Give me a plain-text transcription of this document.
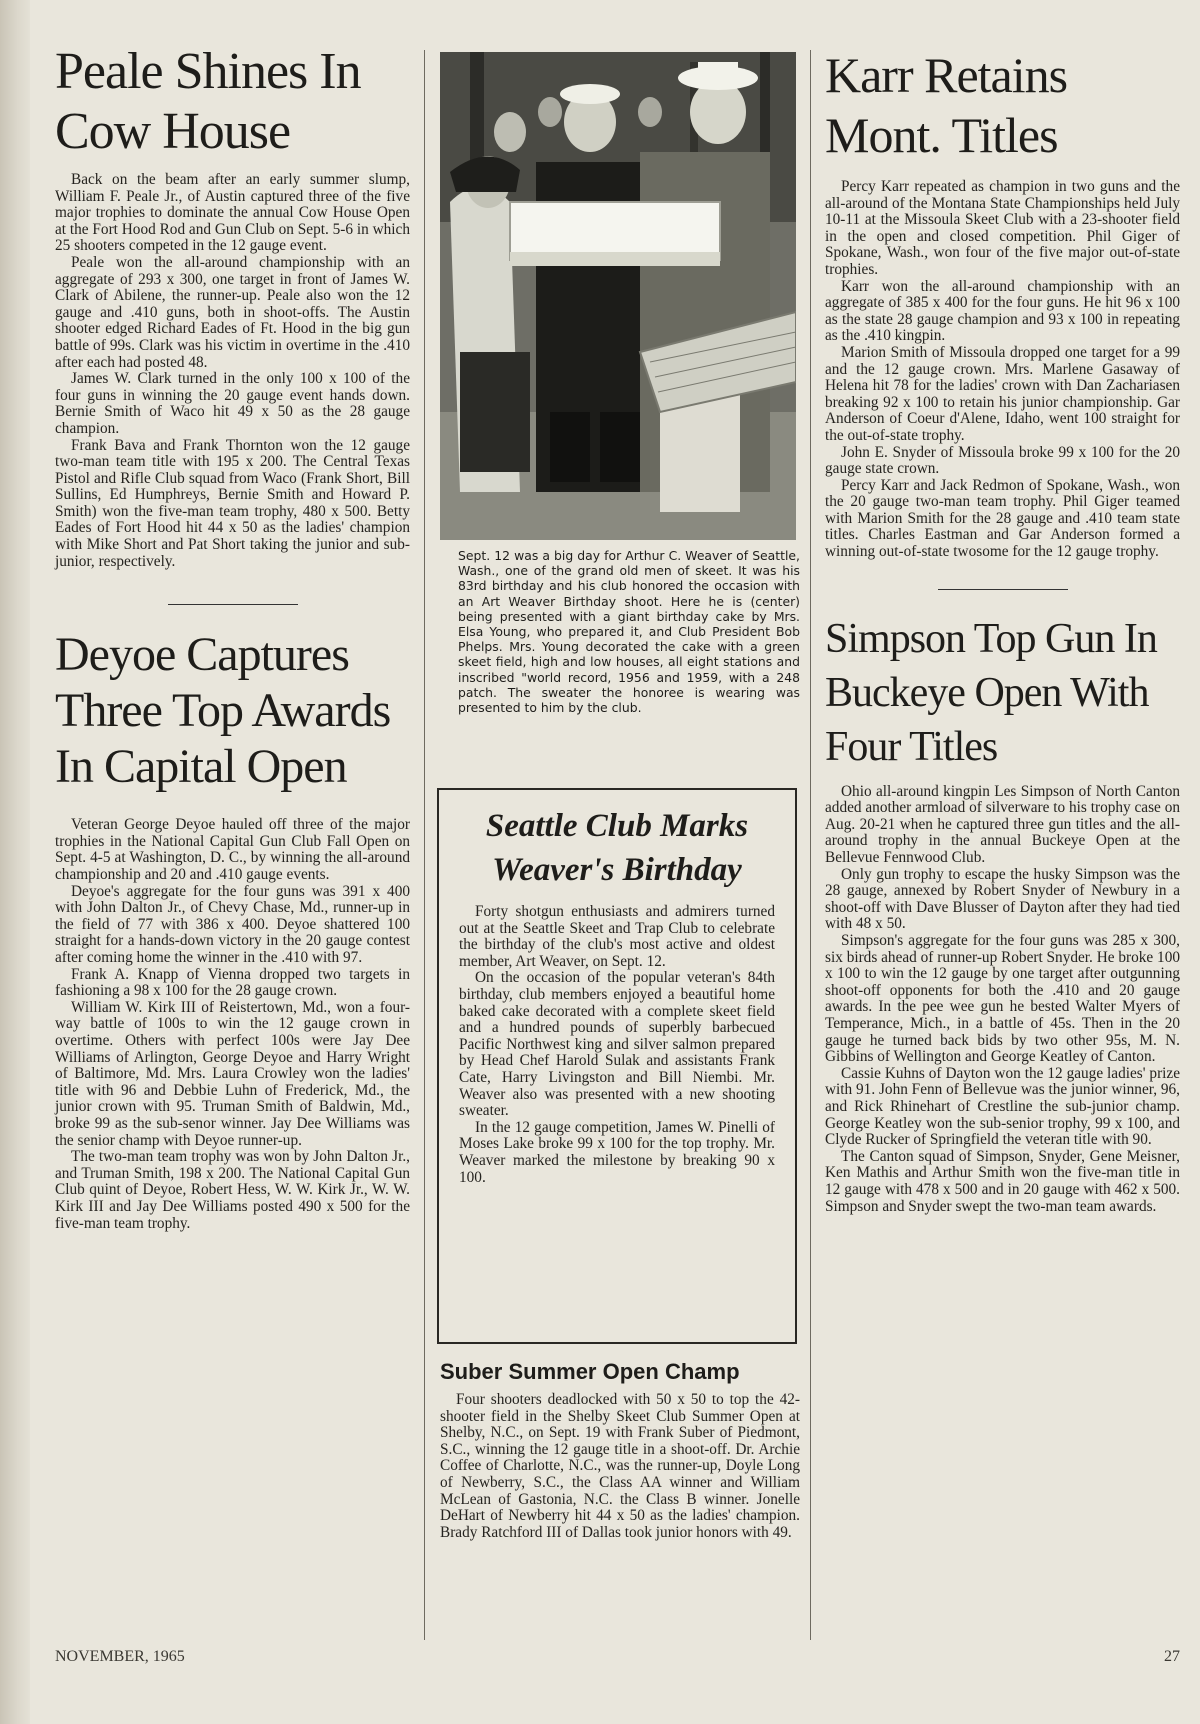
Peale Shines In Cow House

Back on the beam after an early summer slump, William F. Peale Jr., of Austin captured three of the five major trophies to dominate the annual Cow House Open at the Fort Hood Rod and Gun Club on Sept. 5-6 in which 25 shooters competed in the 12 gauge event.

Peale won the all-around championship with an aggregate of 293 x 300, one target in front of James W. Clark of Abilene, the runner-up. Peale also won the 12 gauge and .410 guns, both in shoot-offs. The Austin shooter edged Richard Eades of Ft. Hood in the big gun battle of 99s. Clark was his victim in overtime in the .410 after each had posted 48.

James W. Clark turned in the only 100 x 100 of the four guns in winning the 20 gauge event hands down. Bernie Smith of Waco hit 49 x 50 as the 28 gauge champion.

Frank Bava and Frank Thornton won the 12 gauge two-man team title with 195 x 200. The Central Texas Pistol and Rifle Club squad from Waco (Frank Short, Bill Sullins, Ed Humphreys, Bernie Smith and Howard P. Smith) won the five-man team trophy, 480 x 500. Betty Eades of Fort Hood hit 44 x 50 as the ladies' champion with Mike Short and Pat Short taking the junior and sub-junior, respectively.

Deyoe Captures Three Top Awards In Capital Open

Veteran George Deyoe hauled off three of the major trophies in the National Capital Gun Club Fall Open on Sept. 4-5 at Washington, D. C., by winning the all-around championship and 20 and .410 gauge events.

Deyoe's aggregate for the four guns was 391 x 400 with John Dalton Jr., of Chevy Chase, Md., runner-up in the field of 77 with 386 x 400. Deyoe shattered 100 straight for a hands-down victory in the 20 gauge contest after coming home the winner in the .410 with 97.

Frank A. Knapp of Vienna dropped two targets in fashioning a 98 x 100 for the 28 gauge crown.

William W. Kirk III of Reistertown, Md., won a four-way battle of 100s to win the 12 gauge crown in overtime. Others with perfect 100s were Jay Dee Williams of Arlington, George Deyoe and Harry Wright of Baltimore, Md. Mrs. Laura Crowley won the ladies' title with 96 and Debbie Luhn of Frederick, Md., the junior crown with 95. Truman Smith of Baldwin, Md., broke 99 as the sub-senor winner. Jay Dee Williams was the senior champ with Deyoe runner-up.

The two-man team trophy was won by John Dalton Jr., and Truman Smith, 198 x 200. The National Capital Gun Club quint of Deyoe, Robert Hess, W. W. Kirk Jr., W. W. Kirk III and Jay Dee Williams posted 490 x 500 for the five-man team trophy.

Sept. 12 was a big day for Arthur C. Weaver of Seattle, Wash., one of the grand old men of skeet. It was his 83rd birthday and his club honored the occasion with an Art Weaver Birthday shoot. Here he is (center) being presented with a giant birthday cake by Mrs. Elsa Young, who prepared it, and Club President Bob Phelps. Mrs. Young decorated the cake with a green skeet field, high and low houses, all eight stations and inscribed "world record, 1956 and 1959, with a 248 patch. The sweater the honoree is wearing was presented to him by the club.
Seattle Club Marks Weaver's Birthday

Forty shotgun enthusiasts and admirers turned out at the Seattle Skeet and Trap Club to celebrate the birthday of the club's most active and oldest member, Art Weaver, on Sept. 12.

On the occasion of the popular veteran's 84th birthday, club members enjoyed a beautiful home baked cake decorated with a complete skeet field and a hundred pounds of superbly barbecued Pacific Northwest king and silver salmon prepared by Head Chef Harold Sulak and assistants Frank Cate, Harry Livingston and Bill Niembi. Mr. Weaver also was presented with a new shooting sweater.

In the 12 gauge competition, James W. Pinelli of Moses Lake broke 99 x 100 for the top trophy. Mr. Weaver marked the milestone by breaking 90 x 100.

Suber Summer Open Champ

Four shooters deadlocked with 50 x 50 to top the 42-shooter field in the Shelby Skeet Club Summer Open at Shelby, N.C., on Sept. 19 with Frank Suber of Piedmont, S.C., winning the 12 gauge title in a shoot-off. Dr. Archie Coffee of Charlotte, N.C., was the runner-up, Doyle Long of Newberry, S.C., the Class AA winner and William McLean of Gastonia, N.C. the Class B winner. Jonelle DeHart of Newberry hit 44 x 50 as the ladies' champion. Brady Ratchford III of Dallas took junior honors with 49.

Karr Retains Mont. Titles

Percy Karr repeated as champion in two guns and the all-around of the Montana State Championships held July 10-11 at the Missoula Skeet Club with a 23-shooter field in the open and closed competition. Phil Giger of Spokane, Wash., won four of the five major out-of-state trophies.

Karr won the all-around championship with an aggregate of 385 x 400 for the four guns. He hit 96 x 100 as the state 28 gauge champion and 93 x 100 in repeating as the .410 kingpin.

Marion Smith of Missoula dropped one target for a 99 and the 12 gauge crown. Mrs. Marlene Gasaway of Helena hit 78 for the ladies' crown with Dan Zachariasen breaking 92 x 100 to retain his junior championship. Gar Anderson of Coeur d'Alene, Idaho, went 100 straight for the out-of-state trophy.

John E. Snyder of Missoula broke 99 x 100 for the 20 gauge state crown.

Percy Karr and Jack Redmon of Spokane, Wash., won the 20 gauge two-man team trophy. Phil Giger teamed with Marion Smith for the 28 gauge and .410 team state titles. Charles Eastman and Gar Anderson formed a winning out-of-state twosome for the 12 gauge trophy.

Simpson Top Gun In Buckeye Open With Four Titles

Ohio all-around kingpin Les Simpson of North Canton added another armload of silverware to his trophy case on Aug. 20-21 when he captured three gun titles and the all-around trophy in the annual Buckeye Open at the Bellevue Fennwood Club.

Only gun trophy to escape the husky Simpson was the 28 gauge, annexed by Robert Snyder of Newbury in a shoot-off with Dave Blusser of Dayton after they had tied with 48 x 50.

Simpson's aggregate for the four guns was 285 x 300, six birds ahead of runner-up Robert Snyder. He broke 100 x 100 to win the 12 gauge by one target after outgunning shoot-off opponents for both the .410 and 20 gauge awards. In the pee wee gun he bested Walter Myers of Temperance, Mich., in a battle of 45s. Then in the 20 gauge he turned back bids by two other 95s, M. N. Gibbins of Wellington and George Keatley of Canton.

Cassie Kuhns of Dayton won the 12 gauge ladies' prize with 91. John Fenn of Bellevue was the junior winner, 96, and Rick Rhinehart of Crestline the sub-junior champ. George Keatley won the sub-senior trophy, 99 x 100, and Clyde Rucker of Springfield the veteran title with 90.

The Canton squad of Simpson, Snyder, Gene Meisner, Ken Mathis and Arthur Smith won the five-man title in 12 gauge with 478 x 500 and in 20 gauge with 462 x 500. Simpson and Snyder swept the two-man team awards.

NOVEMBER, 1965	27
